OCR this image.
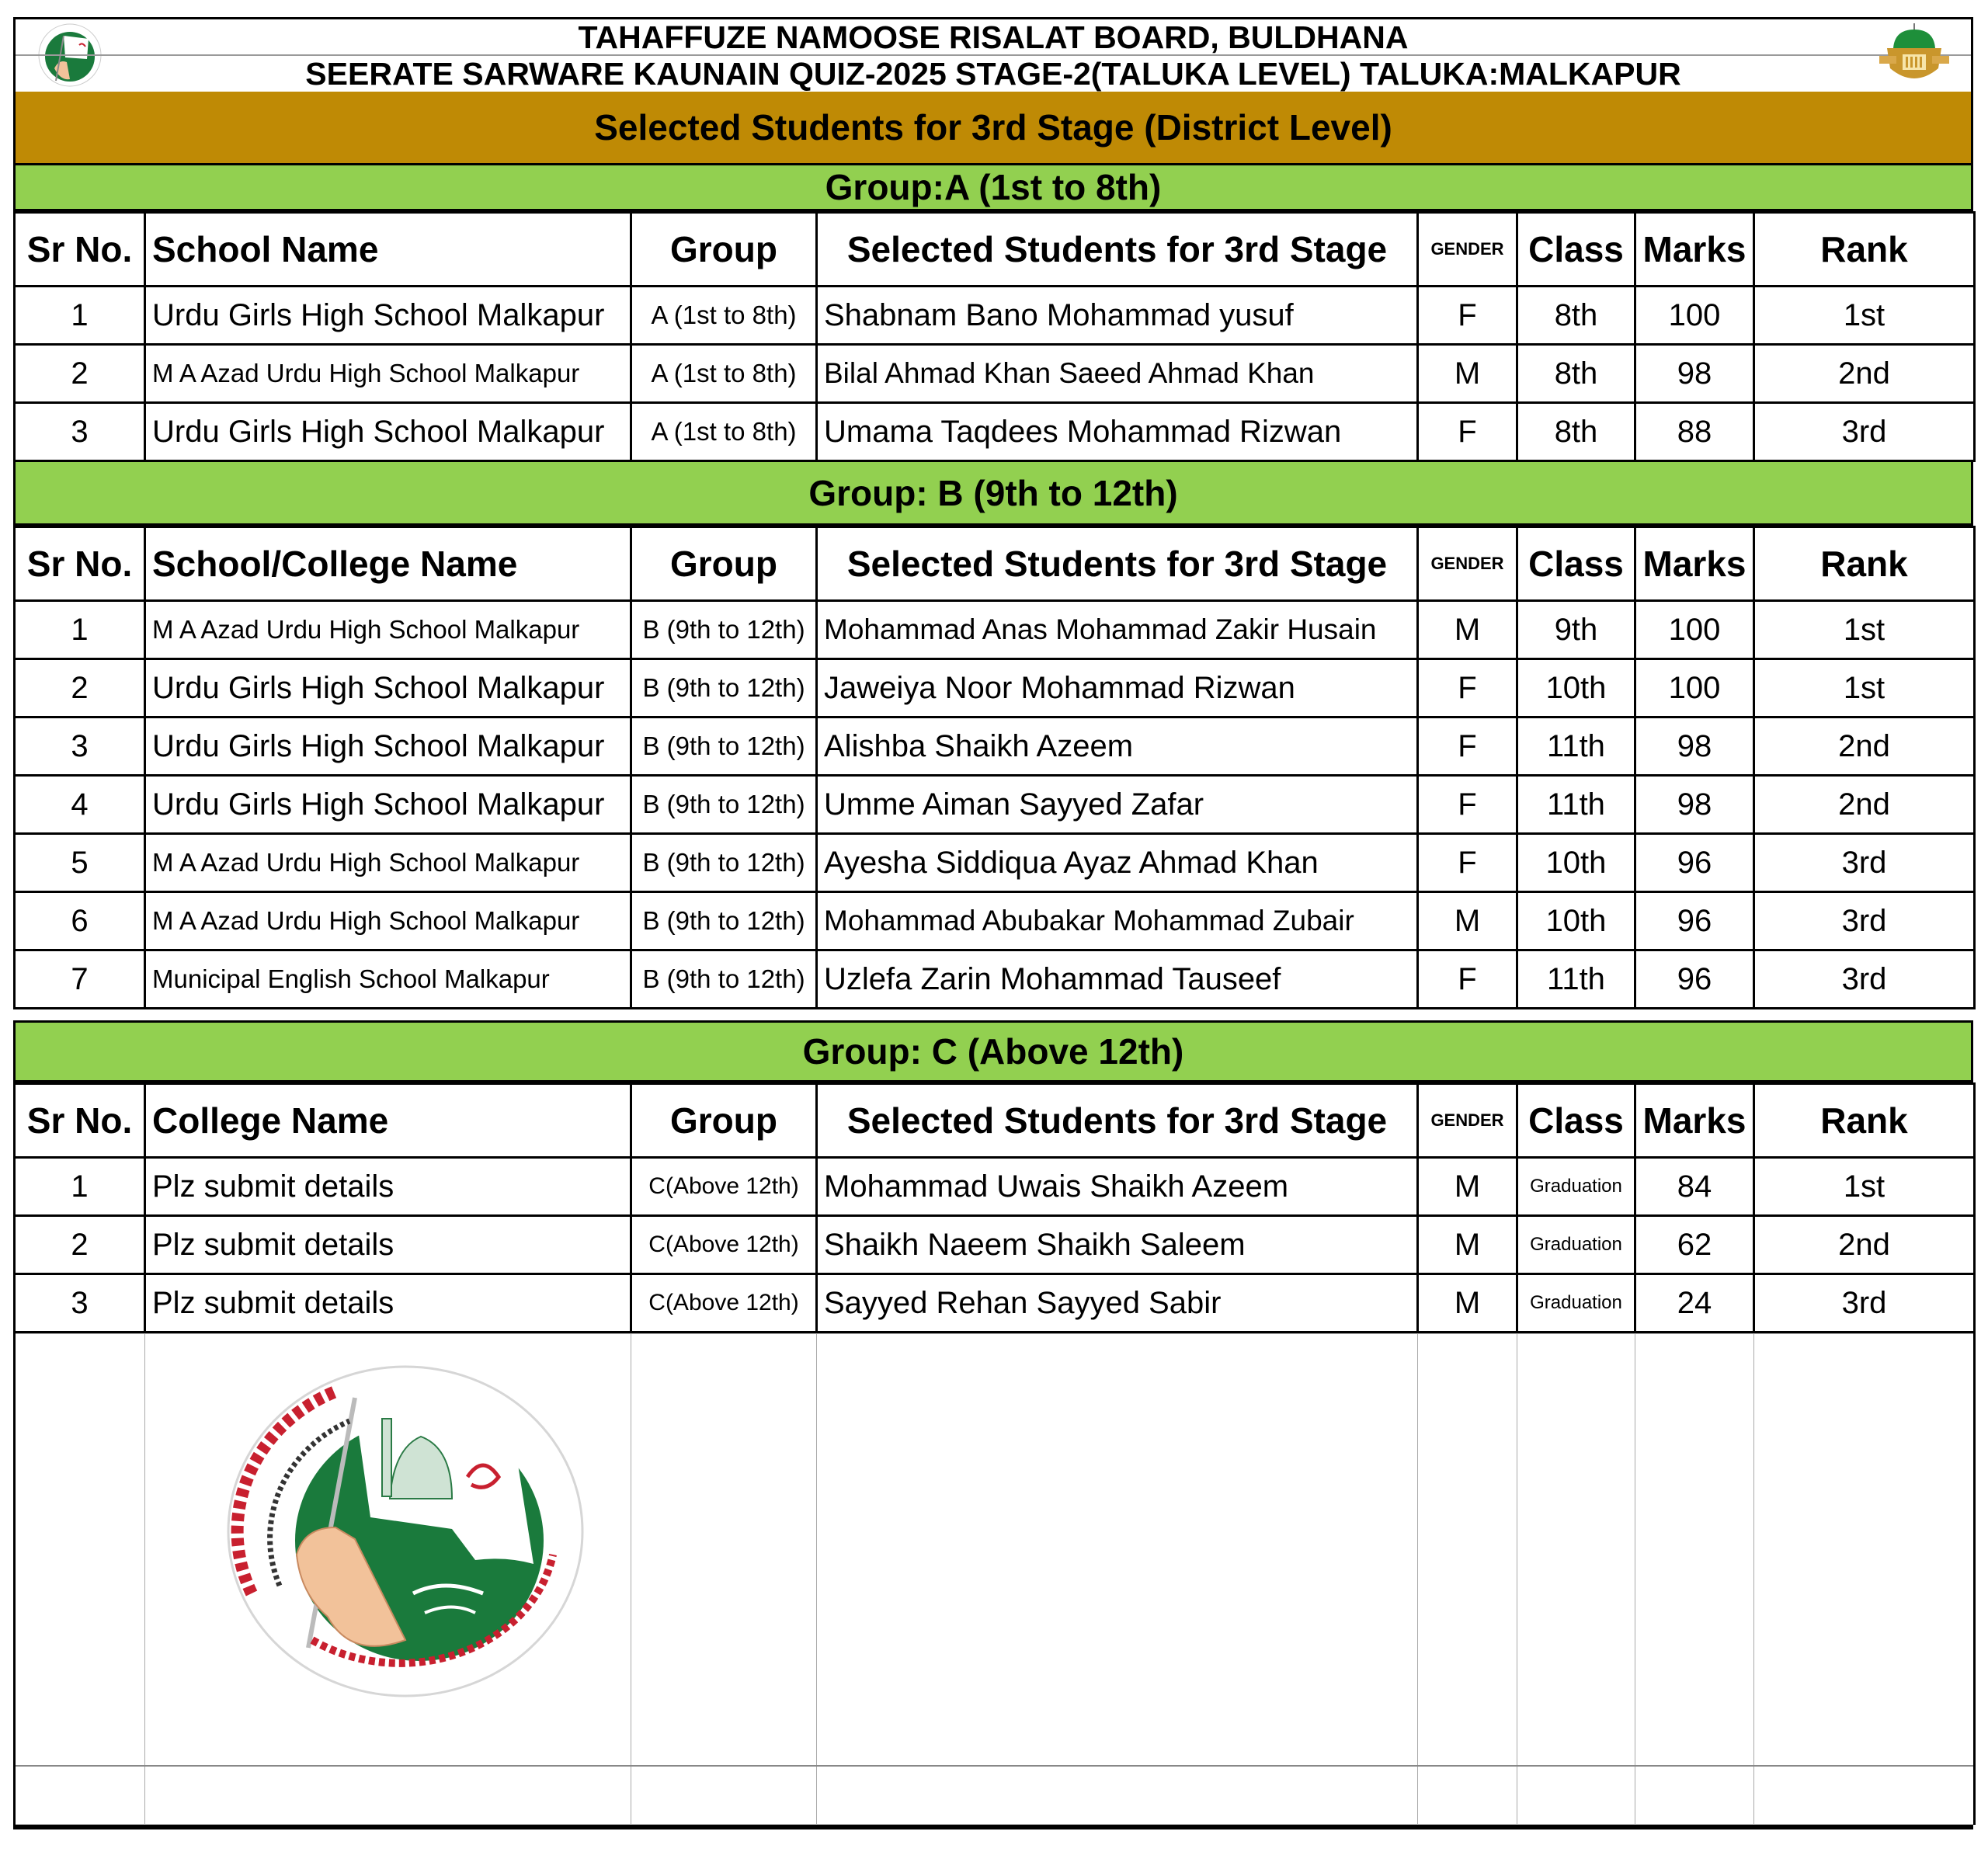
TAHAFFUZE NAMOOSE RISALAT BOARD, BULDHANA
SEERATE SARWARE KAUNAIN QUIZ-2025 STAGE-2(TALUKA LEVEL) TALUKA:MALKAPUR
Selected Students for 3rd Stage (District Level)
Group:A (1st to 8th)
Sr No.	School Name	Group	Selected Students for 3rd Stage	GENDER	Class	Marks	Rank
1	Urdu Girls High School Malkapur	A (1st to 8th)	Shabnam Bano Mohammad yusuf	F	8th	100	1st
2	M A Azad Urdu High School Malkapur	A (1st to 8th)	Bilal Ahmad Khan Saeed Ahmad Khan	M	8th	98	2nd
3	Urdu Girls High School Malkapur	A (1st to 8th)	Umama Taqdees Mohammad Rizwan	F	8th	88	3rd
Group: B (9th to 12th)
Sr No.	School/College Name	Group	Selected Students for 3rd Stage	GENDER	Class	Marks	Rank
1	M A Azad Urdu High School Malkapur	B (9th to 12th)	Mohammad Anas Mohammad Zakir Husain	M	9th	100	1st
2	Urdu Girls High School Malkapur	B (9th to 12th)	Jaweiya Noor Mohammad Rizwan	F	10th	100	1st
3	Urdu Girls High School Malkapur	B (9th to 12th)	Alishba Shaikh Azeem	F	11th	98	2nd
4	Urdu Girls High School Malkapur	B (9th to 12th)	Umme Aiman Sayyed Zafar	F	11th	98	2nd
5	M A Azad Urdu High School Malkapur	B (9th to 12th)	Ayesha Siddiqua Ayaz Ahmad Khan	F	10th	96	3rd
6	M A Azad Urdu High School Malkapur	B (9th to 12th)	Mohammad Abubakar Mohammad Zubair	M	10th	96	3rd
7	Municipal English School Malkapur	B (9th to 12th)	Uzlefa Zarin Mohammad Tauseef	F	11th	96	3rd
Group: C (Above 12th)
Sr No.	College Name	Group	Selected Students for 3rd Stage	GENDER	Class	Marks	Rank
1	Plz submit details	C(Above 12th)	Mohammad Uwais Shaikh Azeem	M	Graduation	84	1st
2	Plz submit details	C(Above 12th)	Shaikh Naeem Shaikh Saleem	M	Graduation	62	2nd
3	Plz submit details	C(Above 12th)	Sayyed Rehan Sayyed Sabir	M	Graduation	24	3rd
